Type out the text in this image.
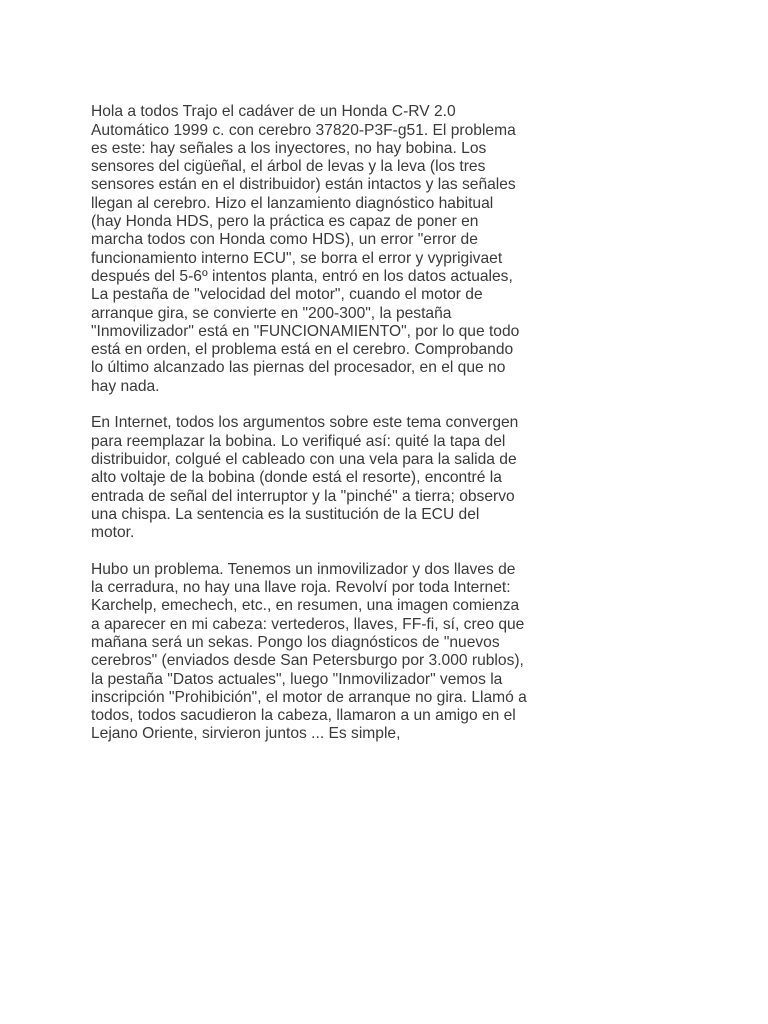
Hola a todos Trajo el cadáver de un Honda C-RV 2.0
Automático 1999 c. con cerebro 37820-P3F-g51. El problema
es este: hay señales a los inyectores, no hay bobina. Los
sensores del cigüeñal, el árbol de levas y la leva (los tres
sensores están en el distribuidor) están intactos y las señales
llegan al cerebro. Hizo el lanzamiento diagnóstico habitual
(hay Honda HDS, pero la práctica es capaz de poner en
marcha todos con Honda como HDS), un error "error de
funcionamiento interno ECU", se borra el error y vyprigivaet
después del 5-6º intentos planta, entró en los datos actuales,
La pestaña de "velocidad del motor", cuando el motor de
arranque gira, se convierte en "200-300", la pestaña
"Inmovilizador" está en "FUNCIONAMIENTO", por lo que todo
está en orden, el problema está en el cerebro. Comprobando
lo último alcanzado las piernas del procesador, en el que no
hay nada.

En Internet, todos los argumentos sobre este tema convergen
para reemplazar la bobina. Lo verifiqué así: quité la tapa del
distribuidor, colgué el cableado con una vela para la salida de
alto voltaje de la bobina (donde está el resorte), encontré la
entrada de señal del interruptor y la "pinché" a tierra; observo
una chispa. La sentencia es la sustitución de la ECU del
motor.

Hubo un problema. Tenemos un inmovilizador y dos llaves de
la cerradura, no hay una llave roja. Revolví por toda Internet:
Karchelp, emechech, etc., en resumen, una imagen comienza
a aparecer en mi cabeza: vertederos, llaves, FF-fi, sí, creo que
mañana será un sekas. Pongo los diagnósticos de "nuevos
cerebros" (enviados desde San Petersburgo por 3.000 rublos),
la pestaña "Datos actuales", luego "Inmovilizador" vemos la
inscripción "Prohibición", el motor de arranque no gira. Llamó a
todos, todos sacudieron la cabeza, llamaron a un amigo en el
Lejano Oriente, sirvieron juntos ... Es simple,
